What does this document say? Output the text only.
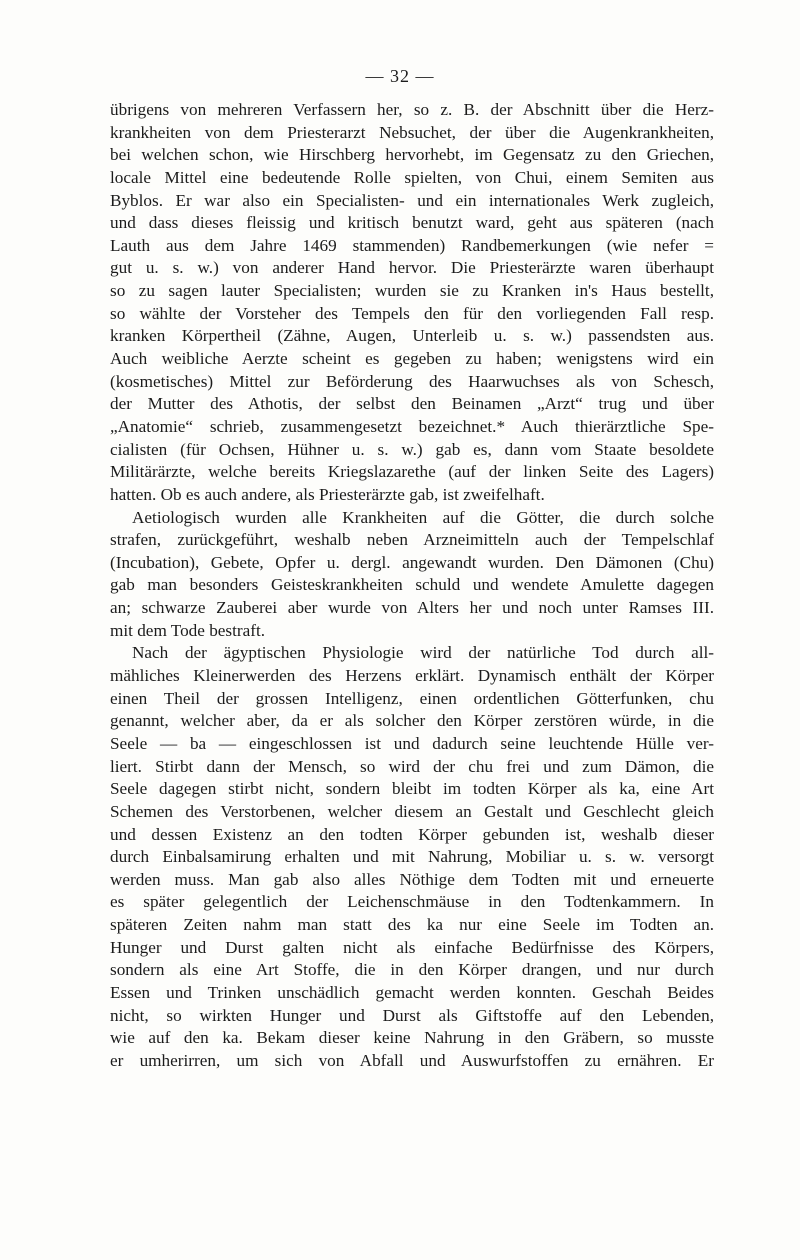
— 32 —
übrigens von mehreren Verfassern her, so z. B. der Abschnitt über die Herz-
krankheiten von dem Priesterarzt Nebsuchet, der über die Augenkrankheiten,
bei welchen schon, wie Hirschberg hervorhebt, im Gegensatz zu den Griechen,
locale Mittel eine bedeutende Rolle spielten, von Chui, einem Semiten aus
Byblos. Er war also ein Specialisten- und ein internationales Werk zugleich,
und dass dieses fleissig und kritisch benutzt ward, geht aus späteren (nach
Lauth aus dem Jahre 1469 stammenden) Randbemerkungen (wie nefer =
gut u. s. w.) von anderer Hand hervor. Die Priesterärzte waren überhaupt
so zu sagen lauter Specialisten; wurden sie zu Kranken in's Haus bestellt,
so wählte der Vorsteher des Tempels den für den vorliegenden Fall resp.
kranken Körpertheil (Zähne, Augen, Unterleib u. s. w.) passendsten aus.
Auch weibliche Aerzte scheint es gegeben zu haben; wenigstens wird ein
(kosmetisches) Mittel zur Beförderung des Haarwuchses als von Schesch,
der Mutter des Athotis, der selbst den Beinamen „Arzt“ trug und über
„Anatomie“ schrieb, zusammengesetzt bezeichnet.* Auch thierärztliche Spe-
cialisten (für Ochsen, Hühner u. s. w.) gab es, dann vom Staate besoldete
Militärärzte, welche bereits Kriegslazarethe (auf der linken Seite des Lagers)
hatten. Ob es auch andere, als Priesterärzte gab, ist zweifelhaft.
Aetiologisch wurden alle Krankheiten auf die Götter, die durch solche
strafen, zurückgeführt, weshalb neben Arzneimitteln auch der Tempelschlaf
(Incubation), Gebete, Opfer u. dergl. angewandt wurden. Den Dämonen (Chu)
gab man besonders Geisteskrankheiten schuld und wendete Amulette dagegen
an; schwarze Zauberei aber wurde von Alters her und noch unter Ramses III.
mit dem Tode bestraft.
Nach der ägyptischen Physiologie wird der natürliche Tod durch all-
mähliches Kleinerwerden des Herzens erklärt. Dynamisch enthält der Körper
einen Theil der grossen Intelligenz, einen ordentlichen Götterfunken, chu
genannt, welcher aber, da er als solcher den Körper zerstören würde, in die
Seele — ba — eingeschlossen ist und dadurch seine leuchtende Hülle ver-
liert. Stirbt dann der Mensch, so wird der chu frei und zum Dämon, die
Seele dagegen stirbt nicht, sondern bleibt im todten Körper als ka, eine Art
Schemen des Verstorbenen, welcher diesem an Gestalt und Geschlecht gleich
und dessen Existenz an den todten Körper gebunden ist, weshalb dieser
durch Einbalsamirung erhalten und mit Nahrung, Mobiliar u. s. w. versorgt
werden muss. Man gab also alles Nöthige dem Todten mit und erneuerte
es später gelegentlich der Leichenschmäuse in den Todtenkammern. In
späteren Zeiten nahm man statt des ka nur eine Seele im Todten an.
Hunger und Durst galten nicht als einfache Bedürfnisse des Körpers,
sondern als eine Art Stoffe, die in den Körper drangen, und nur durch
Essen und Trinken unschädlich gemacht werden konnten. Geschah Beides
nicht, so wirkten Hunger und Durst als Giftstoffe auf den Lebenden,
wie auf den ka. Bekam dieser keine Nahrung in den Gräbern, so musste
er umherirren, um sich von Abfall und Auswurfstoffen zu ernähren. Er
